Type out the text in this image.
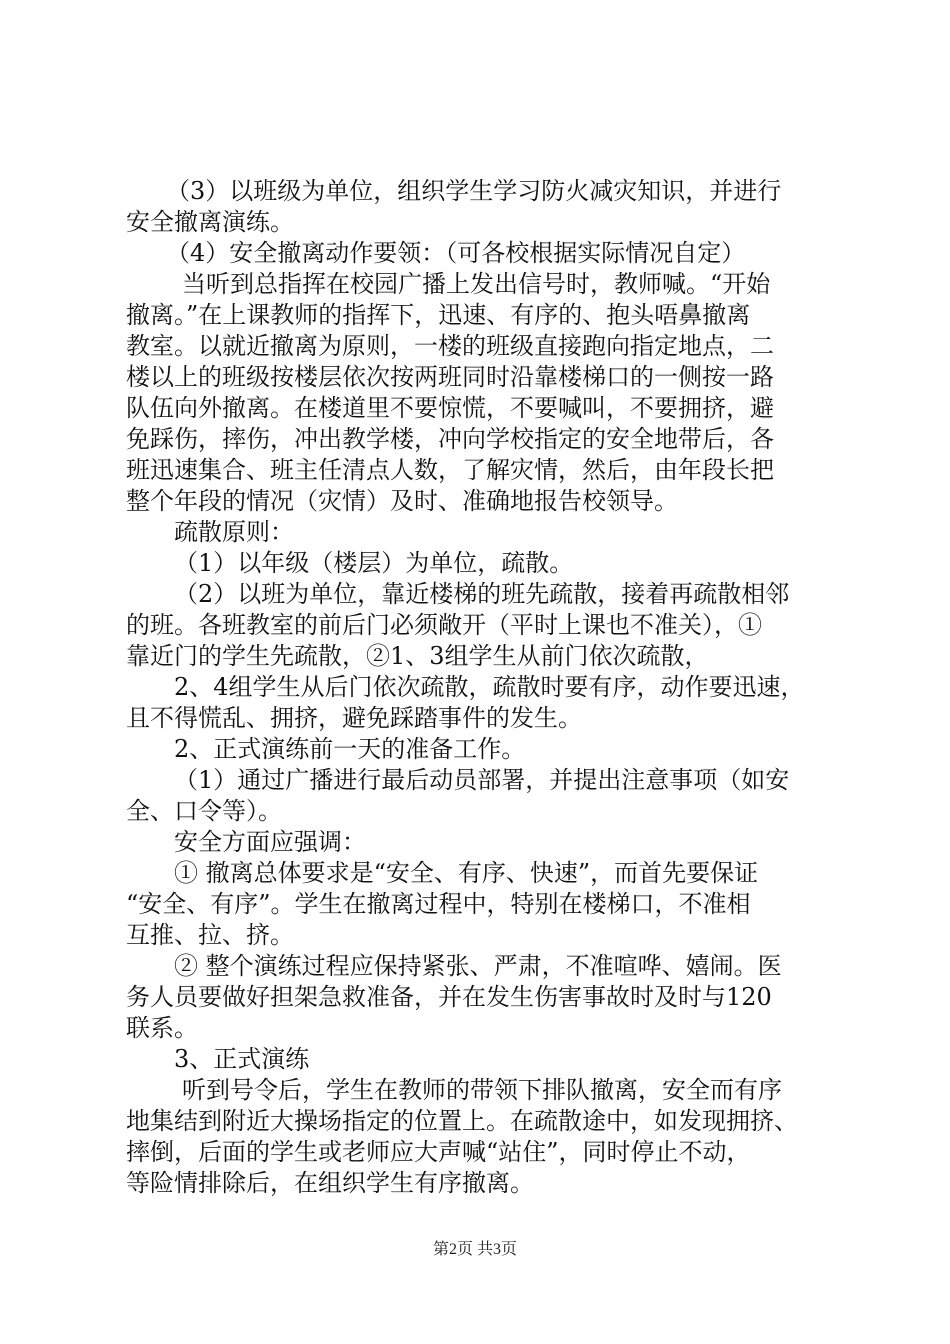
（3）以班级为单位，组织学生学习防火减灾知识，并进行
安全撤离演练。
（4）安全撤离动作要领：（可各校根据实际情况自定）
当听到总指挥在校园广播上发出信号时，教师喊。“开始
撤离。”在上课教师的指挥下，迅速、有序的、抱头唔鼻撤离
教室。以就近撤离为原则，一楼的班级直接跑向指定地点，二
楼以上的班级按楼层依次按两班同时沿靠楼梯口的一侧按一路
队伍向外撤离。在楼道里不要惊慌，不要喊叫，不要拥挤，避
免踩伤，摔伤，冲出教学楼，冲向学校指定的安全地带后，各
班迅速集合、班主任清点人数，了解灾情，然后，由年段长把
整个年段的情况（灾情）及时、准确地报告校领导。
疏散原则：
（1）以年级（楼层）为单位，疏散。
（2）以班为单位，靠近楼梯的班先疏散，接着再疏散相邻
的班。各班教室的前后门必须敞开（平时上课也不准关），①
靠近门的学生先疏散，②1、3组学生从前门依次疏散，
2、4组学生从后门依次疏散，疏散时要有序，动作要迅速，
且不得慌乱、拥挤，避免踩踏事件的发生。
2、正式演练前一天的准备工作。
（1）通过广播进行最后动员部署，并提出注意事项（如安
全、口令等）。
安全方面应强调：
① 撤离总体要求是“安全、有序、快速”，而首先要保证
“安全、有序”。学生在撤离过程中，特别在楼梯口，不准相
互推、拉、挤。
② 整个演练过程应保持紧张、严肃，不准喧哗、嬉闹。医
务人员要做好担架急救准备，并在发生伤害事故时及时与120
联系。
3、正式演练
听到号令后，学生在教师的带领下排队撤离，安全而有序
地集结到附近大操场指定的位置上。在疏散途中，如发现拥挤、
摔倒，后面的学生或老师应大声喊“站住”，同时停止不动，
等险情排除后，在组织学生有序撤离。
第2页 共3页
